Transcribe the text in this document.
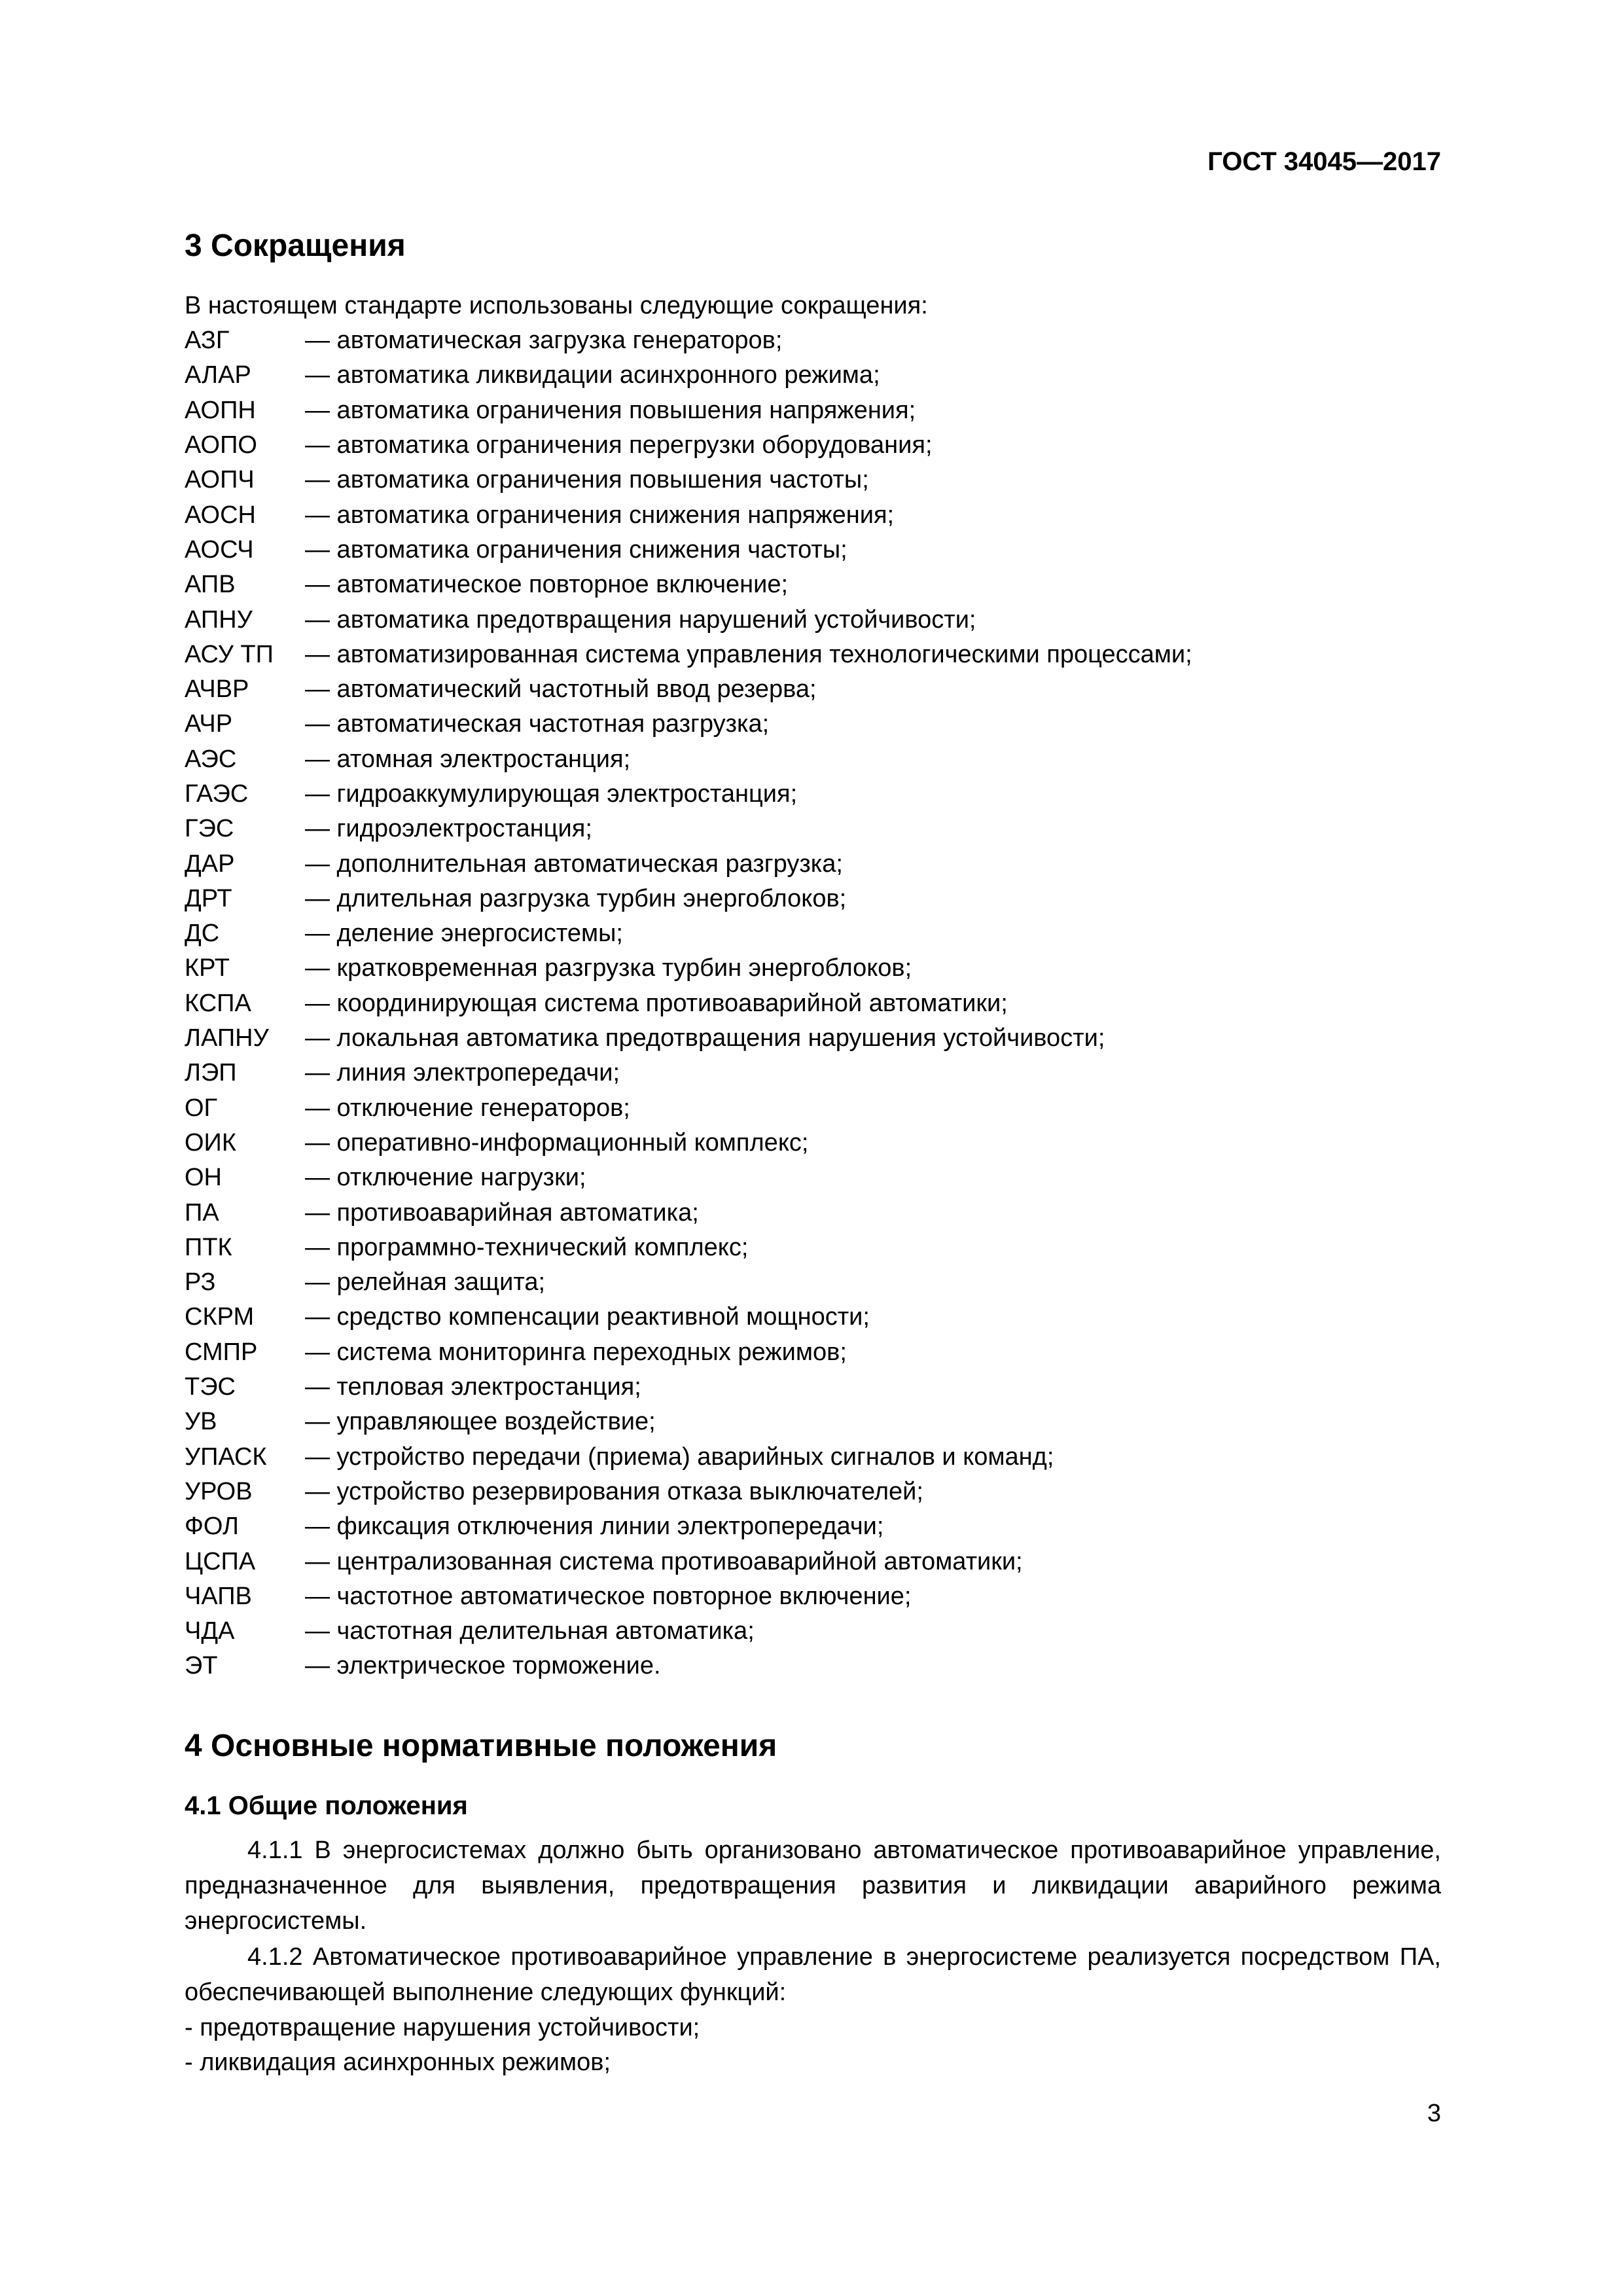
ГОСТ 34045—2017
3 Сокращения
В настоящем стандарте использованы следующие сокращения:
АЗГ	— автоматическая загрузка генераторов;
АЛАР	— автоматика ликвидации асинхронного режима;
АОПН	— автоматика ограничения повышения напряжения;
АОПО	— автоматика ограничения перегрузки оборудования;
АОПЧ	— автоматика ограничения повышения частоты;
АОСН	— автоматика ограничения снижения напряжения;
АОСЧ	— автоматика ограничения снижения частоты;
АПВ	— автоматическое повторное включение;
АПНУ	— автоматика предотвращения нарушений устойчивости;
АСУ ТП	— автоматизированная система управления технологическими процессами;
АЧВР	— автоматический частотный ввод резерва;
АЧР	— автоматическая частотная разгрузка;
АЭС	— атомная электростанция;
ГАЭС	— гидроаккумулирующая электростанция;
ГЭС	— гидроэлектростанция;
ДАР	— дополнительная автоматическая разгрузка;
ДРТ	— длительная разгрузка турбин энергоблоков;
ДС	— деление энергосистемы;
КРТ	— кратковременная разгрузка турбин энергоблоков;
КСПА	— координирующая система противоаварийной автоматики;
ЛАПНУ	— локальная автоматика предотвращения нарушения устойчивости;
ЛЭП	— линия электропередачи;
ОГ	— отключение генераторов;
ОИК	— оперативно-информационный комплекс;
ОН	— отключение нагрузки;
ПА	— противоаварийная автоматика;
ПТК	— программно-технический комплекс;
РЗ	— релейная защита;
СКРМ	— средство компенсации реактивной мощности;
СМПР	— система мониторинга переходных режимов;
ТЭС	— тепловая электростанция;
УВ	— управляющее воздействие;
УПАСК	— устройство передачи (приема) аварийных сигналов и команд;
УРОВ	— устройство резервирования отказа выключателей;
ФОЛ	— фиксация отключения линии электропередачи;
ЦСПА	— централизованная система противоаварийной автоматики;
ЧАПВ	— частотное автоматическое повторное включение;
ЧДА	— частотная делительная автоматика;
ЭТ	— электрическое торможение.
4 Основные нормативные положения
4.1 Общие положения

4.1.1 В энергосистемах должно быть организовано автоматическое противоаварийное управление, предназначенное для выявления, предотвращения развития и ликвидации аварийного режима энергосистемы.

4.1.2 Автоматическое противоаварийное управление в энергосистеме реализуется посредством ПА, обеспечивающей выполнение следующих функций:

- предотвращение нарушения устойчивости;
- ликвидация асинхронных режимов;
3
